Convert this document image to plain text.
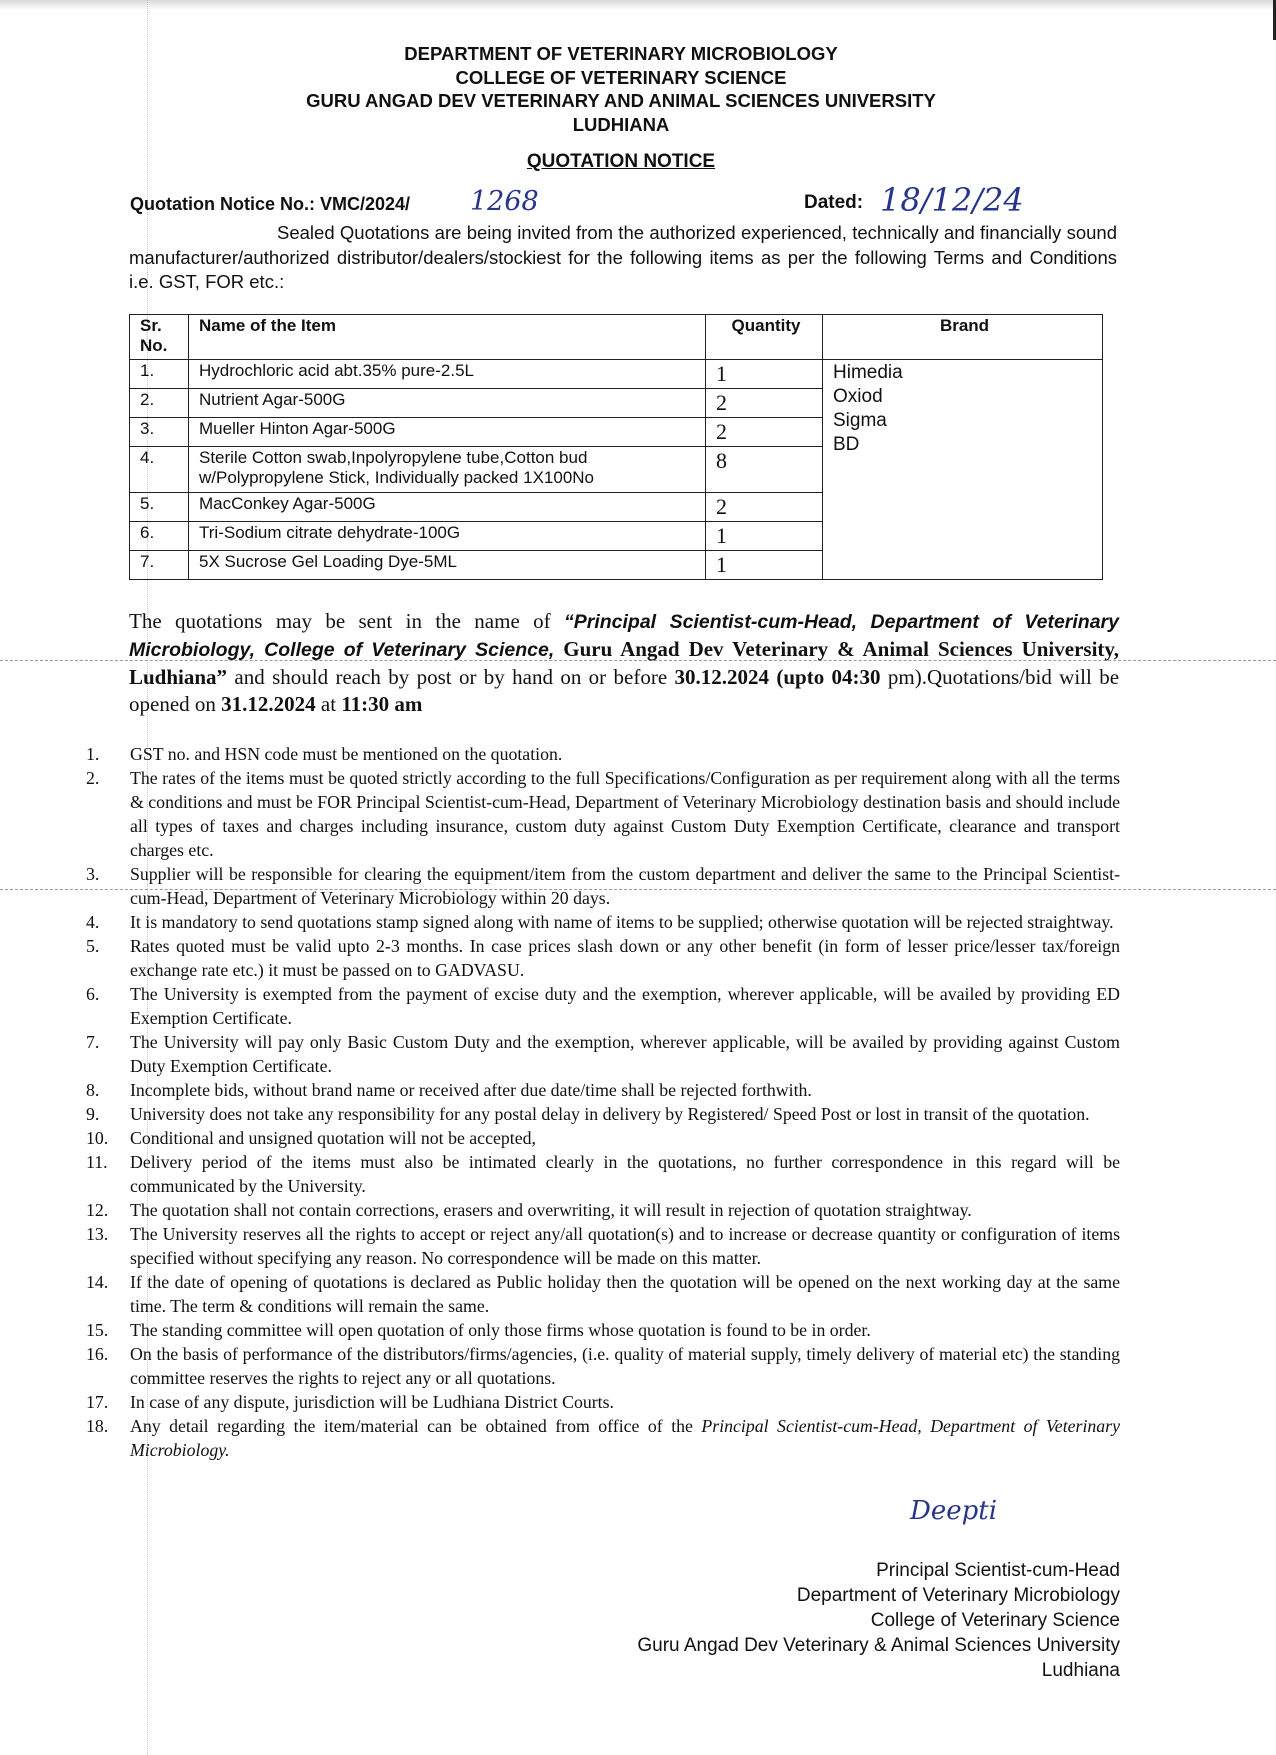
DEPARTMENT OF VETERINARY MICROBIOLOGY
COLLEGE OF VETERINARY SCIENCE
GURU ANGAD DEV VETERINARY AND ANIMAL SCIENCES UNIVERSITY
LUDHIANA
QUOTATION NOTICE
Quotation Notice No.: VMC/2024/ 1268	Dated: 18/12/24
Sealed Quotations are being invited from the authorized experienced, technically and financially sound manufacturer/authorized distributor/dealers/stockiest for the following items as per the following Terms and Conditions i.e. GST, FOR etc.:
Sr. No.	Name of the Item	Quantity	Brand
1.	Hydrochloric acid abt.35% pure-2.5L	1	Himedia
Oxiod
Sigma
BD

2.	Nutrient Agar-500G	2	
3.	Mueller Hinton Agar-500G	2	
4.	Sterile Cotton swab,Inpolyropylene tube,Cotton bud w/Polypropylene Stick, Individually packed 1X100No	8	
5.	MacConkey Agar-500G	2	
6.	Tri-Sodium citrate dehydrate-100G	1	
7.	5X Sucrose Gel Loading Dye-5ML	1	
The quotations may be sent in the name of “Principal Scientist-cum-Head, Department of Veterinary Microbiology, College of Veterinary Science, Guru Angad Dev Veterinary & Animal Sciences University, Ludhiana” and should reach by post or by hand on or before 30.12.2024 (upto 04:30 pm).Quotations/bid will be opened on 31.12.2024 at 11:30 am
1.	GST no. and HSN code must be mentioned on the quotation.
2.	The rates of the items must be quoted strictly according to the full Specifications/Configuration as per requirement along with all the terms & conditions and must be FOR Principal Scientist-cum-Head, Department of Veterinary Microbiology destination basis and should include all types of taxes and charges including insurance, custom duty against Custom Duty Exemption Certificate, clearance and transport charges etc.
3.	Supplier will be responsible for clearing the equipment/item from the custom department and deliver the same to the Principal Scientist-cum-Head, Department of Veterinary Microbiology within 20 days.
4.	It is mandatory to send quotations stamp signed along with name of items to be supplied; otherwise quotation will be rejected straightway.
5.	Rates quoted must be valid upto 2-3 months. In case prices slash down or any other benefit (in form of lesser price/lesser tax/foreign exchange rate etc.) it must be passed on to GADVASU.
6.	The University is exempted from the payment of excise duty and the exemption, wherever applicable, will be availed by providing ED Exemption Certificate.
7.	The University will pay only Basic Custom Duty and the exemption, wherever applicable, will be availed by providing against Custom Duty Exemption Certificate.
8.	Incomplete bids, without brand name or received after due date/time shall be rejected forthwith.
9.	University does not take any responsibility for any postal delay in delivery by Registered/ Speed Post or lost in transit of the quotation.
10.	Conditional and unsigned quotation will not be accepted,
11.	Delivery period of the items must also be intimated clearly in the quotations, no further correspondence in this regard will be communicated by the University.
12.	The quotation shall not contain corrections, erasers and overwriting, it will result in rejection of quotation straightway.
13.	The University reserves all the rights to accept or reject any/all quotation(s) and to increase or decrease quantity or configuration of items specified without specifying any reason. No correspondence will be made on this matter.
14.	If the date of opening of quotations is declared as Public holiday then the quotation will be opened on the next working day at the same time. The term & conditions will remain the same.
15.	The standing committee will open quotation of only those firms whose quotation is found to be in order.
16.	On the basis of performance of the distributors/firms/agencies, (i.e. quality of material supply, timely delivery of material etc) the standing committee reserves the rights to reject any or all quotations.
17.	In case of any dispute, jurisdiction will be Ludhiana District Courts.
18.	Any detail regarding the item/material can be obtained from office of the Principal Scientist-cum-Head, Department of Veterinary Microbiology.
Deepti
Principal Scientist-cum-Head
Department of Veterinary Microbiology
College of Veterinary Science
Guru Angad Dev Veterinary & Animal Sciences University
Ludhiana
